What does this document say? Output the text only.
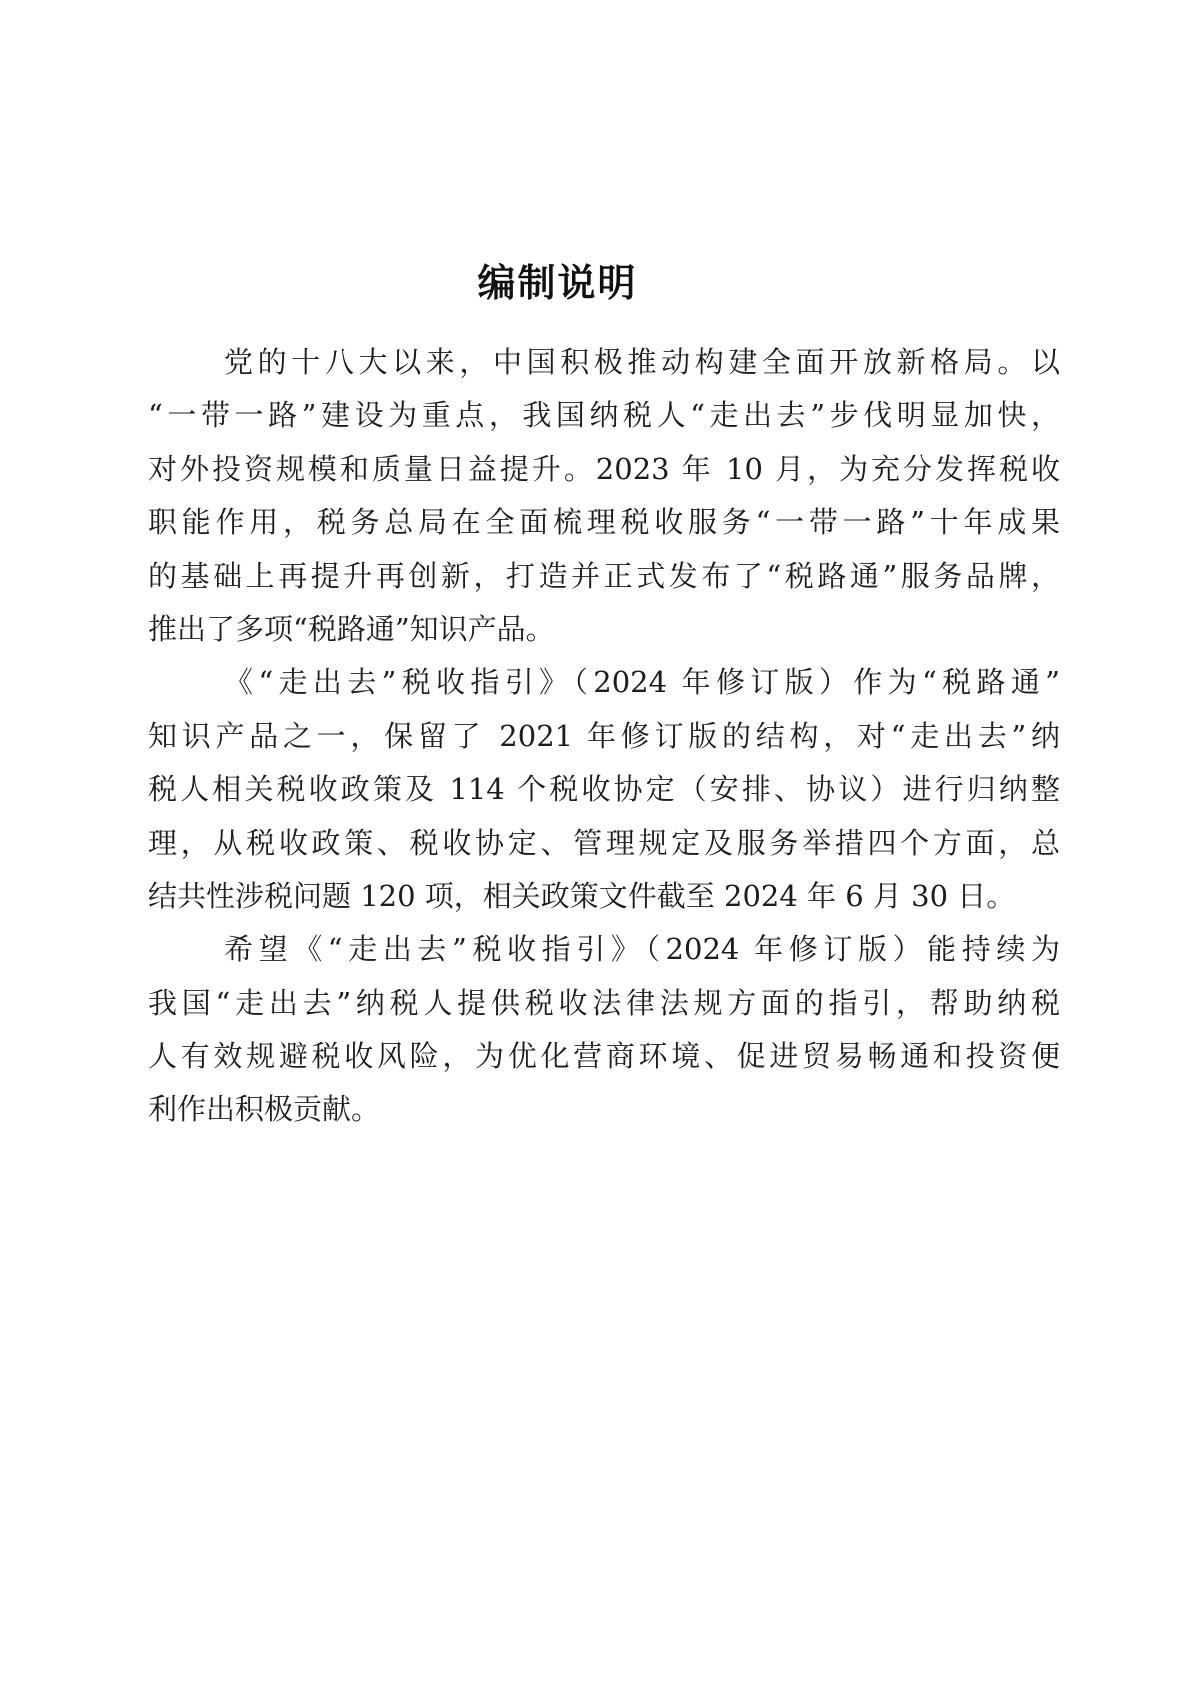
编制说明
党的十八大以来，中国积极推动构建全面开放新格局。以
“一带一路”建设为重点，我国纳税人“走出去”步伐明显加快，
对外投资规模和质量日益提升。2023 年 10 月，为充分发挥税收
职能作用，税务总局在全面梳理税收服务“一带一路”十年成果
的基础上再提升再创新，打造并正式发布了“税路通”服务品牌，
推出了多项“税路通”知识产品。
《“走出去”税收指引》（2024 年修订版）作为“税路通”
知识产品之一，保留了 2021 年修订版的结构，对“走出去”纳
税人相关税收政策及 114 个税收协定（安排、协议）进行归纳整
理，从税收政策、税收协定、管理规定及服务举措四个方面，总
结共性涉税问题 120 项，相关政策文件截至 2024 年 6 月 30 日。
希望《“走出去”税收指引》（2024 年修订版）能持续为
我国“走出去”纳税人提供税收法律法规方面的指引，帮助纳税
人有效规避税收风险，为优化营商环境、促进贸易畅通和投资便
利作出积极贡献。
